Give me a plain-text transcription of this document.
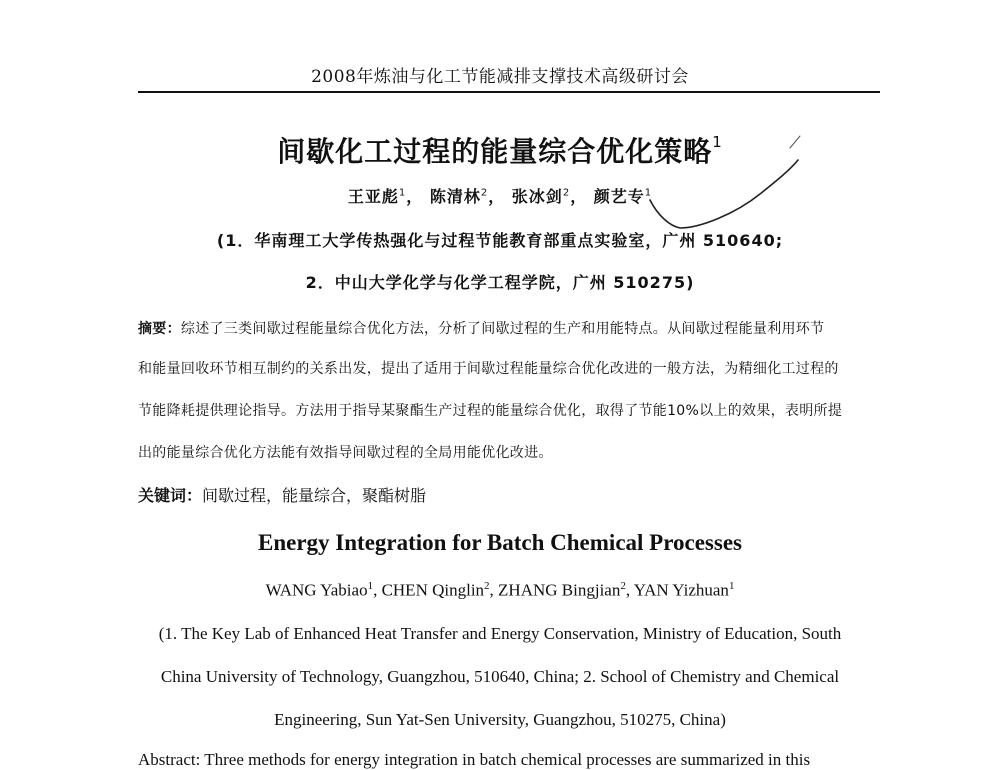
2008年炼油与化工节能减排支撑技术高级研讨会
间歇化工过程的能量综合优化策略$^1$
王亚彪$^1$， 陈清林$^2$， 张冰剑$^2$， 颜艺专$^1$
(1．华南理工大学传热强化与过程节能教育部重点实验室，广州 510640;
2．中山大学化学与化学工程学院，广州 510275)
摘要：综述了三类间歇过程能量综合优化方法，分析了间歇过程的生产和用能特点。从间歇过程能量利用环节
和能量回收环节相互制约的关系出发，提出了适用于间歇过程能量综合优化改进的一般方法，为精细化工过程的
节能降耗提供理论指导。方法用于指导某聚酯生产过程的能量综合优化，取得了节能10%以上的效果，表明所提
出的能量综合优化方法能有效指导间歇过程的全局用能优化改进。
关键词：间歇过程，能量综合，聚酯树脂
Energy Integration for Batch Chemical Processes
WANG Yabiao$^1$, CHEN Qinglin$^2$, ZHANG Bingjian$^2$, YAN Yizhuan$^1$
(1. The Key Lab of Enhanced Heat Transfer and Energy Conservation, Ministry of Education, South
China University of Technology, Guangzhou, 510640, China; 2. School of Chemistry and Chemical
Engineering, Sun Yat-Sen University, Guangzhou, 510275, China)
Abstract: Three methods for energy integration in batch chemical processes are summarized in this
